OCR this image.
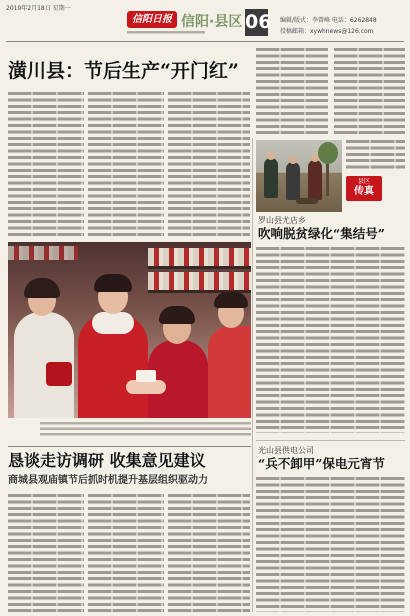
2019年2月18日 星期一
信阳日报 信阳·县区 06 编辑/版式：李曾峰 电话：6262848
投稿邮箱：xywhnews@126.com
潢川县：节后生产“开门红”
县区
传真
罗山县尤店乡
吹响脱贫绿化“集结号”
光山县供电公司
“兵不卸甲”保电元宵节
恳谈走访调研 收集意见建议
商城县观庙镇节后抓时机提升基层组织驱动力
